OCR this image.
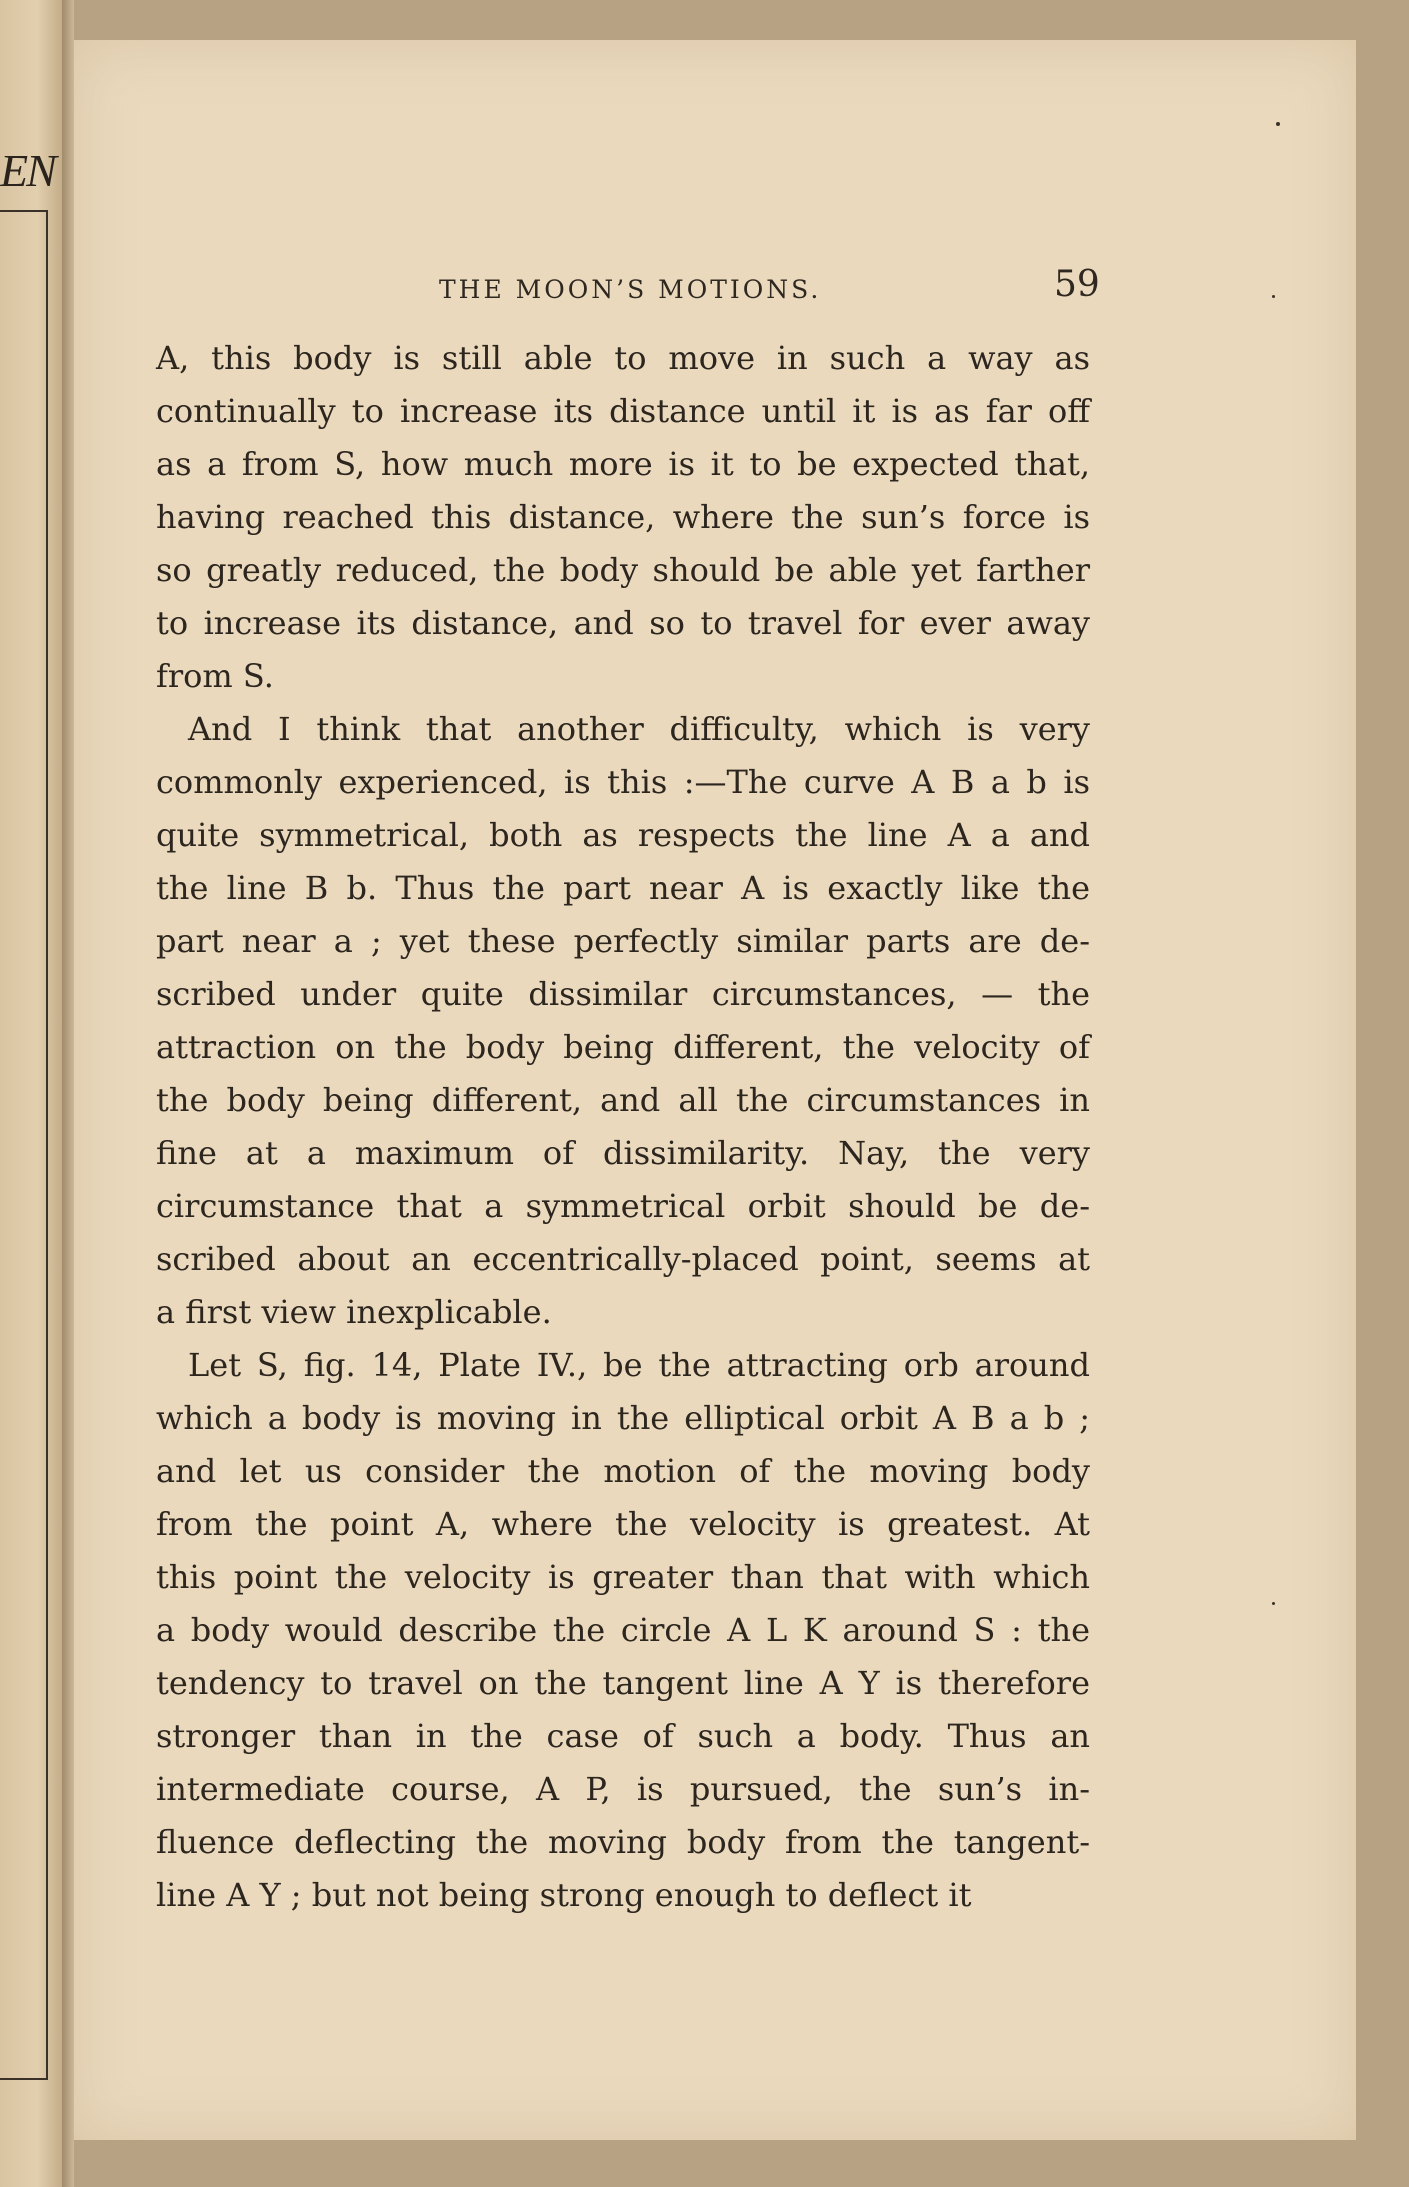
EN
THE MOON’S MOTIONS.	59
A, this body is still able to move in such a way as
continually to increase its distance until it is as far off
as a from S, how much more is it to be expected that,
having reached this distance, where the sun’s force is
so greatly reduced, the body should be able yet farther
to increase its distance, and so to travel for ever away
from S.
And I think that another difficulty, which is very
commonly experienced, is this :—The curve A B a b is
quite symmetrical, both as respects the line A a and
the line B b. Thus the part near A is exactly like the
part near a ; yet these perfectly similar parts are de-
scribed under quite dissimilar circumstances, — the
attraction on the body being different, the velocity of
the body being different, and all the circumstances in
fine at a maximum of dissimilarity. Nay, the very
circumstance that a symmetrical orbit should be de-
scribed about an eccentrically-placed point, seems at
a first view inexplicable.
Let S, fig. 14, Plate IV., be the attracting orb around
which a body is moving in the elliptical orbit A B a b ;
and let us consider the motion of the moving body
from the point A, where the velocity is greatest. At
this point the velocity is greater than that with which
a body would describe the circle A L K around S : the
tendency to travel on the tangent line A Y is therefore
stronger than in the case of such a body. Thus an
intermediate course, A P, is pursued, the sun’s in-
fluence deflecting the moving body from the tangent-
line A Y ; but not being strong enough to deflect it
